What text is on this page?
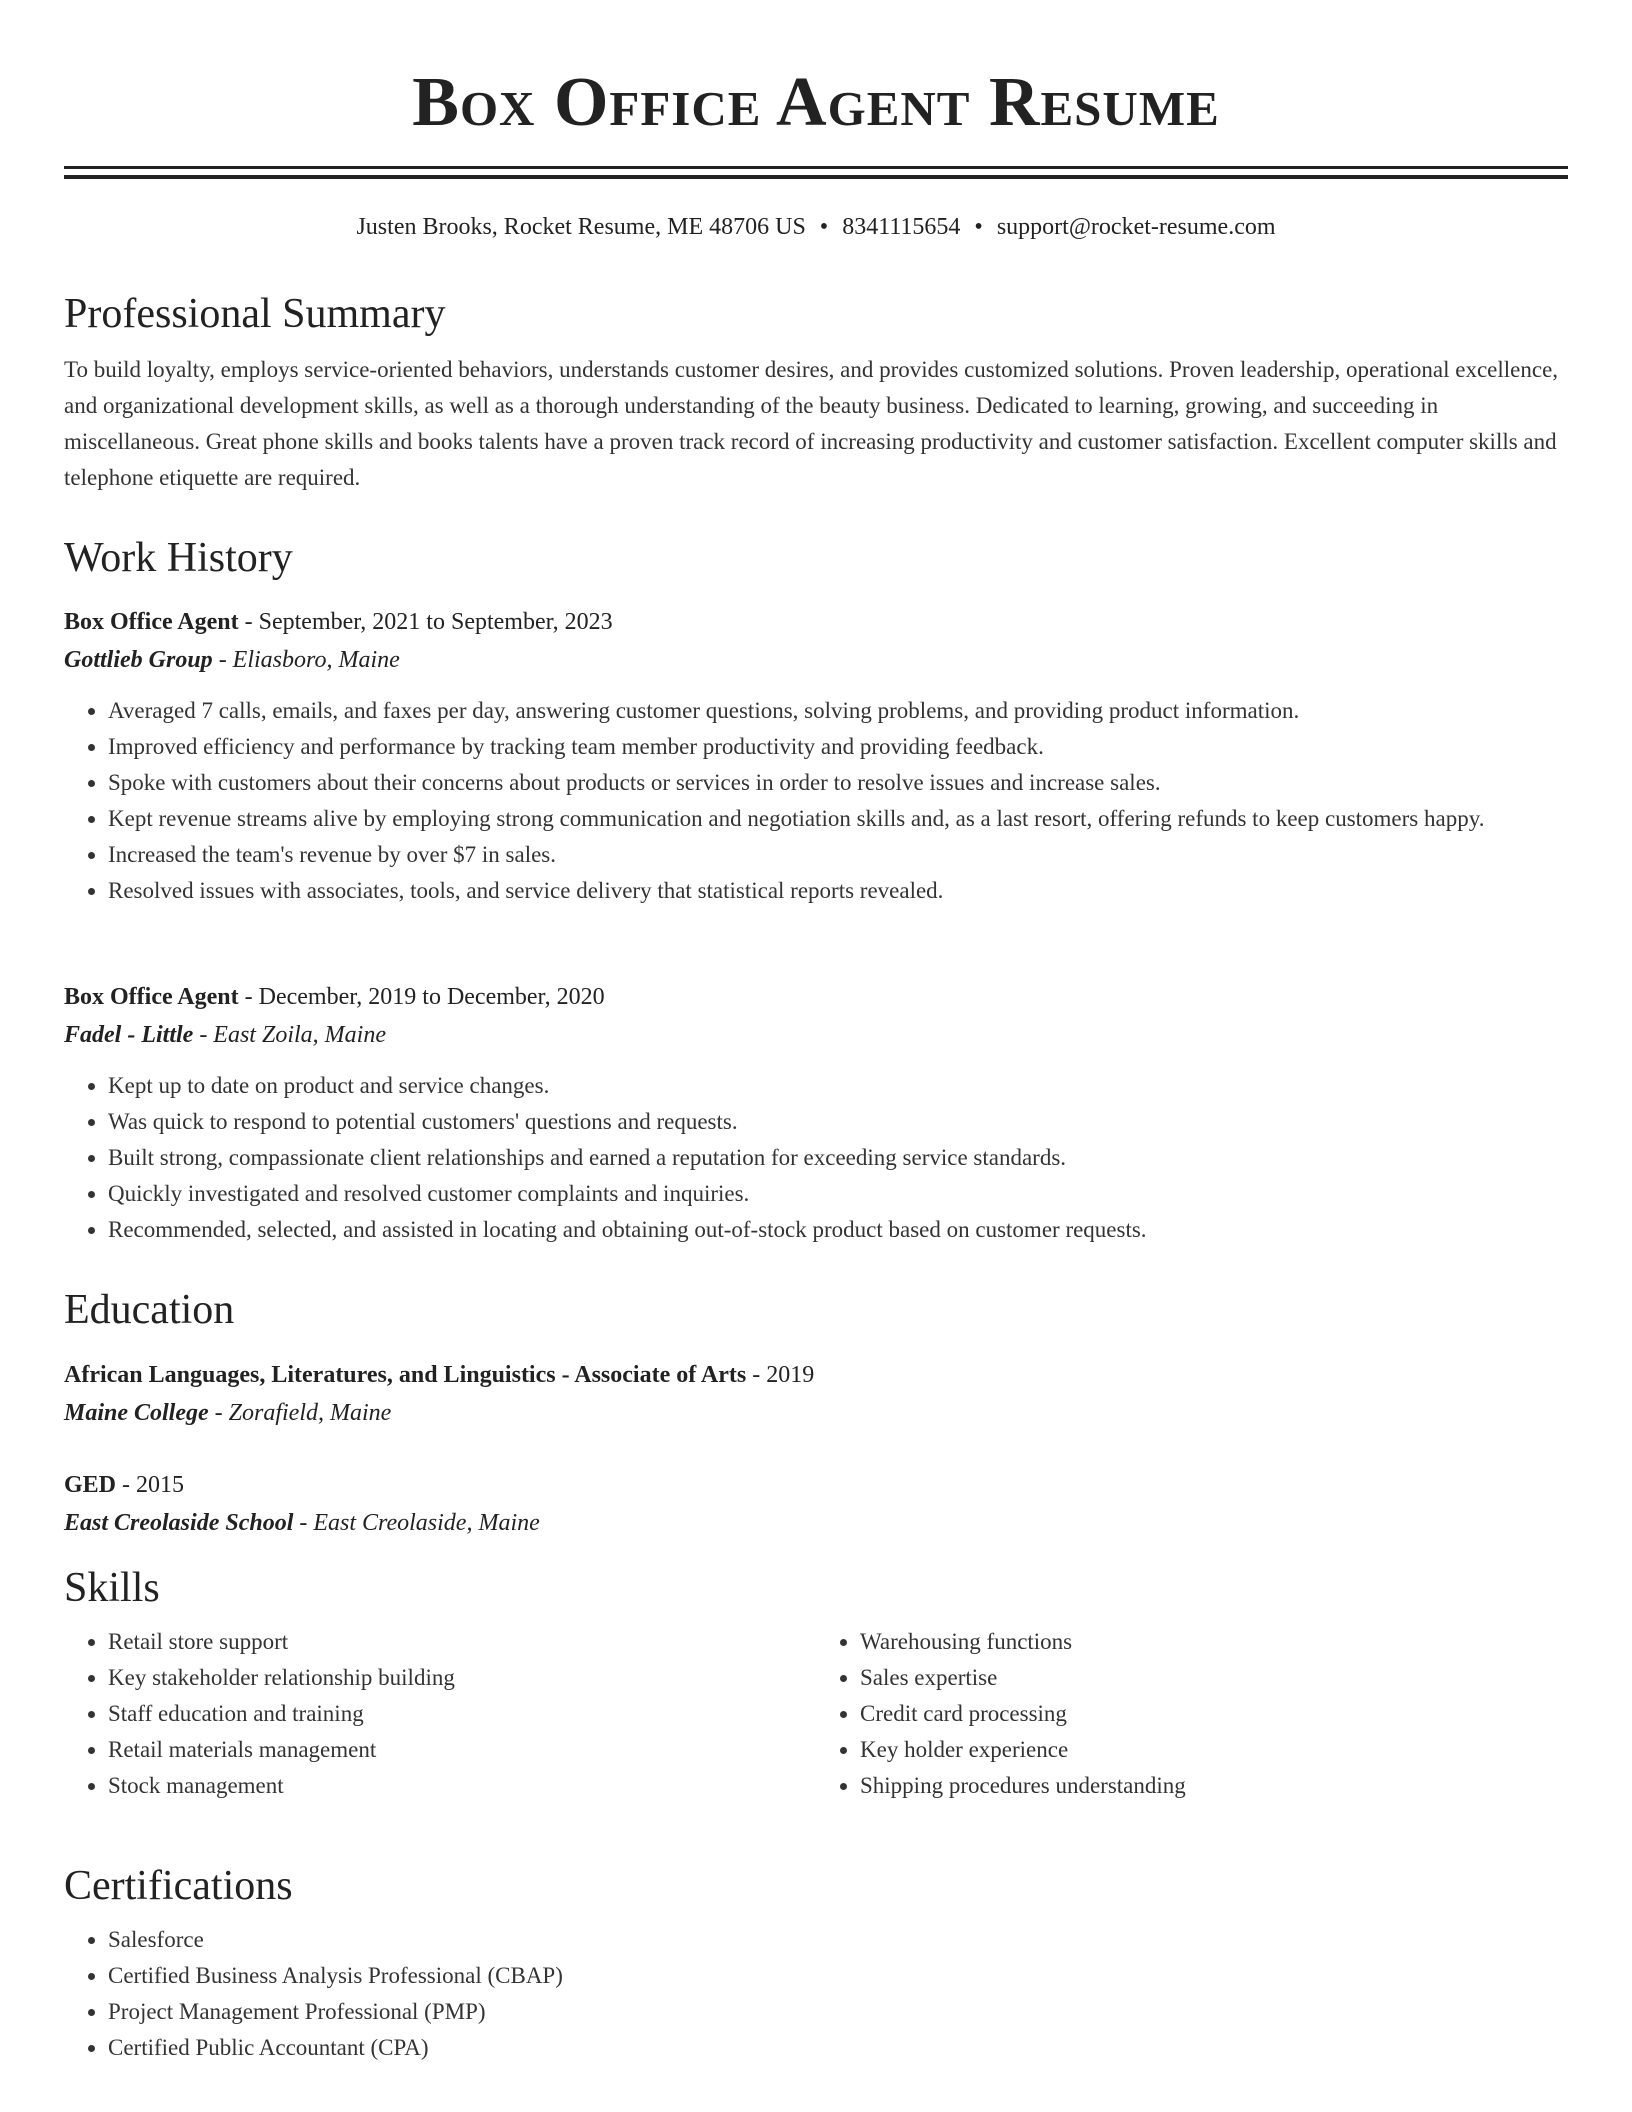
Box Office Agent Resume
Justen Brooks, Rocket Resume, ME 48706 US • 8341115654 • support@rocket-resume.com
Professional Summary

To build loyalty, employs service-oriented behaviors, understands customer desires, and provides customized solutions. Proven leadership, operational excellence, and organizational development skills, as well as a thorough understanding of the beauty business. Dedicated to learning, growing, and succeeding in miscellaneous. Great phone skills and books talents have a proven track record of increasing productivity and customer satisfaction. Excellent computer skills and telephone etiquette are required.

Work History
Box Office Agent - September, 2021 to September, 2023
Gottlieb Group - Eliasboro, Maine
• Averaged 7 calls, emails, and faxes per day, answering customer questions, solving problems, and providing product information.
• Improved efficiency and performance by tracking team member productivity and providing feedback.
• Spoke with customers about their concerns about products or services in order to resolve issues and increase sales.
• Kept revenue streams alive by employing strong communication and negotiation skills and, as a last resort, offering refunds to keep customers happy.
• Increased the team's revenue by over $7 in sales.
• Resolved issues with associates, tools, and service delivery that statistical reports revealed.
Box Office Agent - December, 2019 to December, 2020
Fadel - Little - East Zoila, Maine
• Kept up to date on product and service changes.
• Was quick to respond to potential customers' questions and requests.
• Built strong, compassionate client relationships and earned a reputation for exceeding service standards.
• Quickly investigated and resolved customer complaints and inquiries.
• Recommended, selected, and assisted in locating and obtaining out-of-stock product based on customer requests.
Education
African Languages, Literatures, and Linguistics - Associate of Arts - 2019
Maine College - Zorafield, Maine
GED - 2015
East Creolaside School - East Creolaside, Maine
Skills
• Retail store support
• Key stakeholder relationship building
• Staff education and training
• Retail materials management
• Stock management
• Warehousing functions
• Sales expertise
• Credit card processing
• Key holder experience
• Shipping procedures understanding
Certifications
• Salesforce
• Certified Business Analysis Professional (CBAP)
• Project Management Professional (PMP)
• Certified Public Accountant (CPA)
